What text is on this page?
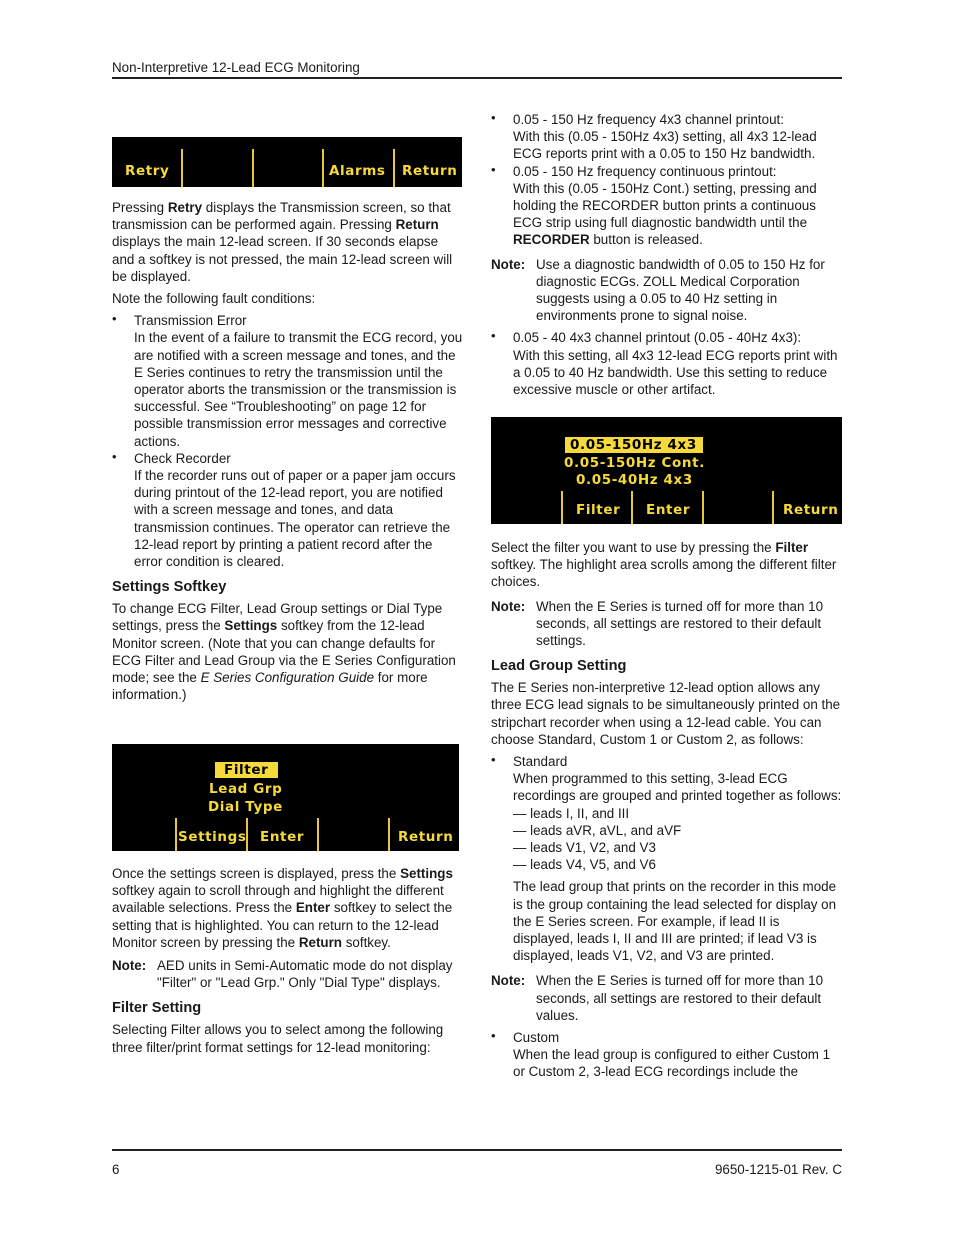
Non-Interpretive 12-Lead ECG Monitoring
Retry	Alarms Return

Pressing Retry displays the Transmission screen, so that transmission can be performed again. Pressing Return displays the main 12-lead screen. If 30 seconds elapse and a softkey is not pressed, the main 12-lead screen will be displayed.

Note the following fault conditions:

• Transmission Error

In the event of a failure to transmit the ECG record, you are notified with a screen message and tones, and the E Series continues to retry the transmission until the operator aborts the transmission or the transmission is successful. See “Troubleshooting” on page 12 for possible transmission error messages and corrective actions.

• Check Recorder

If the recorder runs out of paper or a paper jam occurs during printout of the 12-lead report, you are notified with a screen message and tones, and data transmission continues. The operator can retrieve the 12-lead report by printing a patient record after the error condition is cleared.

Settings Softkey

To change ECG Filter, Lead Group settings or Dial Type settings, press the Settings softkey from the 12-lead Monitor screen. (Note that you can change defaults for ECG Filter and Lead Group via the E Series Configuration mode; see the E Series Configuration Guide for more information.)

Filter
Lead Grp
Dial Type
Settings Enter	Return

Once the settings screen is displayed, press the Settings softkey again to scroll through and highlight the different available selections. Press the Enter softkey to select the setting that is highlighted. You can return to the 12-lead Monitor screen by pressing the Return softkey.

Note: AED units in Semi-Automatic mode do not display "Filter" or "Lead Grp." Only "Dial Type" displays.
Filter Setting

Selecting Filter allows you to select among the following three filter/print format settings for 12-lead monitoring:

• 0.05 - 150 Hz frequency 4x3 channel printout:

With this (0.05 - 150Hz 4x3) setting, all 4x3 12-lead ECG reports print with a 0.05 to 150 Hz bandwidth.

• 0.05 - 150 Hz frequency continuous printout:

With this (0.05 - 150Hz Cont.) setting, pressing and holding the RECORDER button prints a continuous ECG strip using full diagnostic bandwidth until the RECORDER button is released.

Note: Use a diagnostic bandwidth of 0.05 to 150 Hz for diagnostic ECGs. ZOLL Medical Corporation suggests using a 0.05 to 40 Hz setting in environments prone to signal noise.

• 0.05 - 40 4x3 channel printout (0.05 - 40Hz 4x3):

With this setting, all 4x3 12-lead ECG reports print with a 0.05 to 40 Hz bandwidth. Use this setting to reduce excessive muscle or other artifact.

0.05-150Hz 4x3
0.05-150Hz Cont.
0.05-40Hz 4x3
Filter Enter	Return

Select the filter you want to use by pressing the Filter softkey. The highlight area scrolls among the different filter choices.

Note: When the E Series is turned off for more than 10 seconds, all settings are restored to their default settings.
Lead Group Setting

The E Series non-interpretive 12-lead option allows any three ECG lead signals to be simultaneously printed on the stripchart recorder when using a 12-lead cable. You can choose Standard, Custom 1 or Custom 2, as follows:

• Standard

When programmed to this setting, 3-lead ECG recordings are grouped and printed together as follows:

— leads I, II, and III

— leads aVR, aVL, and aVF

— leads V1, V2, and V3

— leads V4, V5, and V6

The lead group that prints on the recorder in this mode is the group containing the lead selected for display on the E Series screen. For example, if lead II is displayed, leads I, II and III are printed; if lead V3 is displayed, leads V1, V2, and V3 are printed.

Note: When the E Series is turned off for more than 10 seconds, all settings are restored to their default values.

• Custom

When the lead group is configured to either Custom 1 or Custom 2, 3-lead ECG recordings include the

6	9650-1215-01 Rev. C
